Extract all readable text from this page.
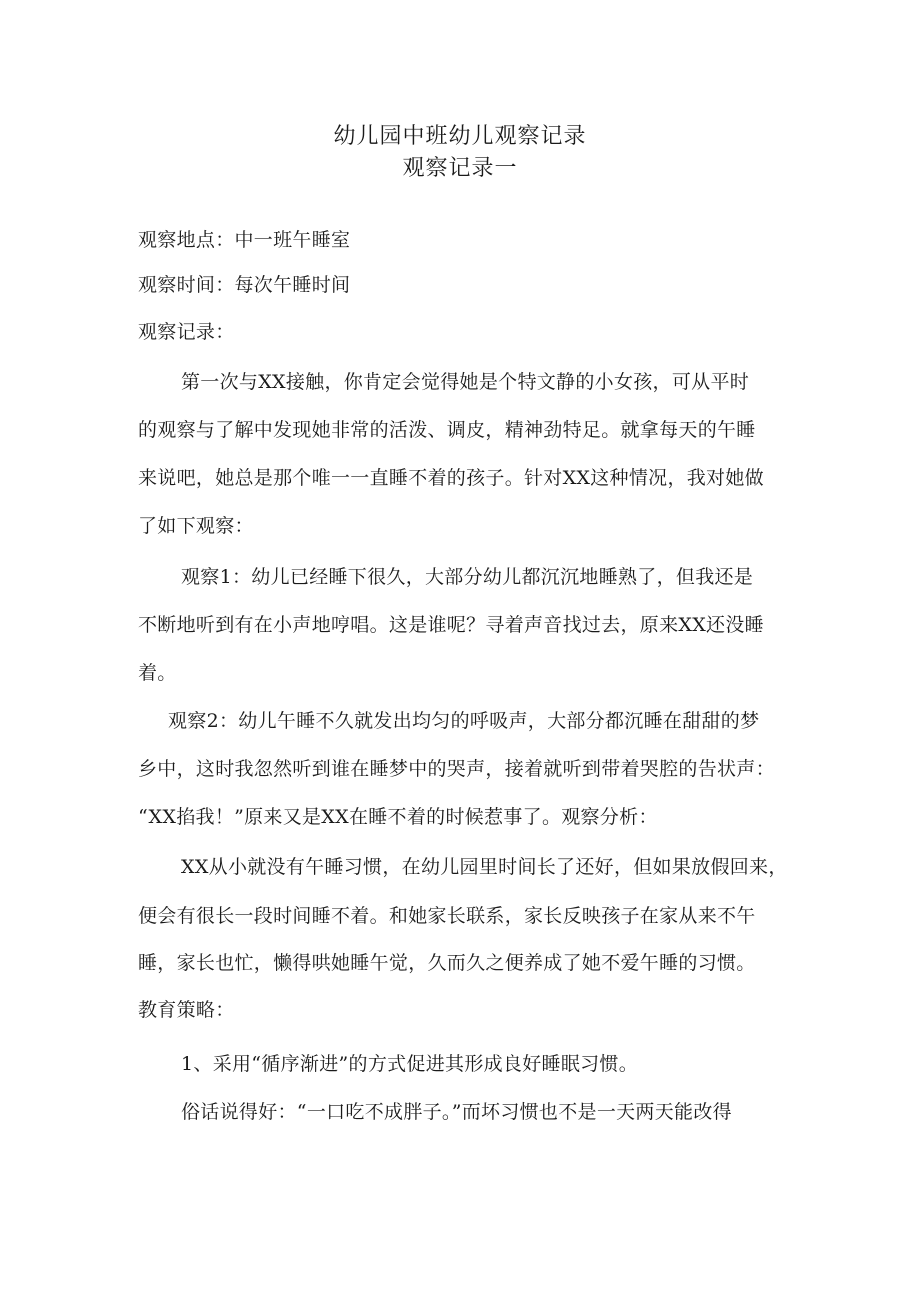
幼儿园中班幼儿观察记录
观察记录一
观察地点：中一班午睡室
观察时间：每次午睡时间
观察记录：
第一次与XX接触，你肯定会觉得她是个特文静的小女孩，可从平时
的观察与了解中发现她非常的活泼、调皮，精神劲特足。就拿每天的午睡
来说吧，她总是那个唯一一直睡不着的孩子。针对XX这种情况，我对她做
了如下观察：
观察1：幼儿已经睡下很久，大部分幼儿都沉沉地睡熟了，但我还是
不断地听到有在小声地哼唱。这是谁呢？寻着声音找过去，原来XX还没睡
着。
观察2：幼儿午睡不久就发出均匀的呼吸声，大部分都沉睡在甜甜的梦
乡中，这时我忽然听到谁在睡梦中的哭声，接着就听到带着哭腔的告状声：
“XX掐我！”原来又是XX在睡不着的时候惹事了。观察分析：
XX从小就没有午睡习惯，在幼儿园里时间长了还好，但如果放假回来，
便会有很长一段时间睡不着。和她家长联系，家长反映孩子在家从来不午
睡，家长也忙，懒得哄她睡午觉，久而久之便养成了她不爱午睡的习惯。
教育策略：
1、采用“循序渐进”的方式促进其形成良好睡眠习惯。
俗话说得好：“一口吃不成胖子。”而坏习惯也不是一天两天能改得
